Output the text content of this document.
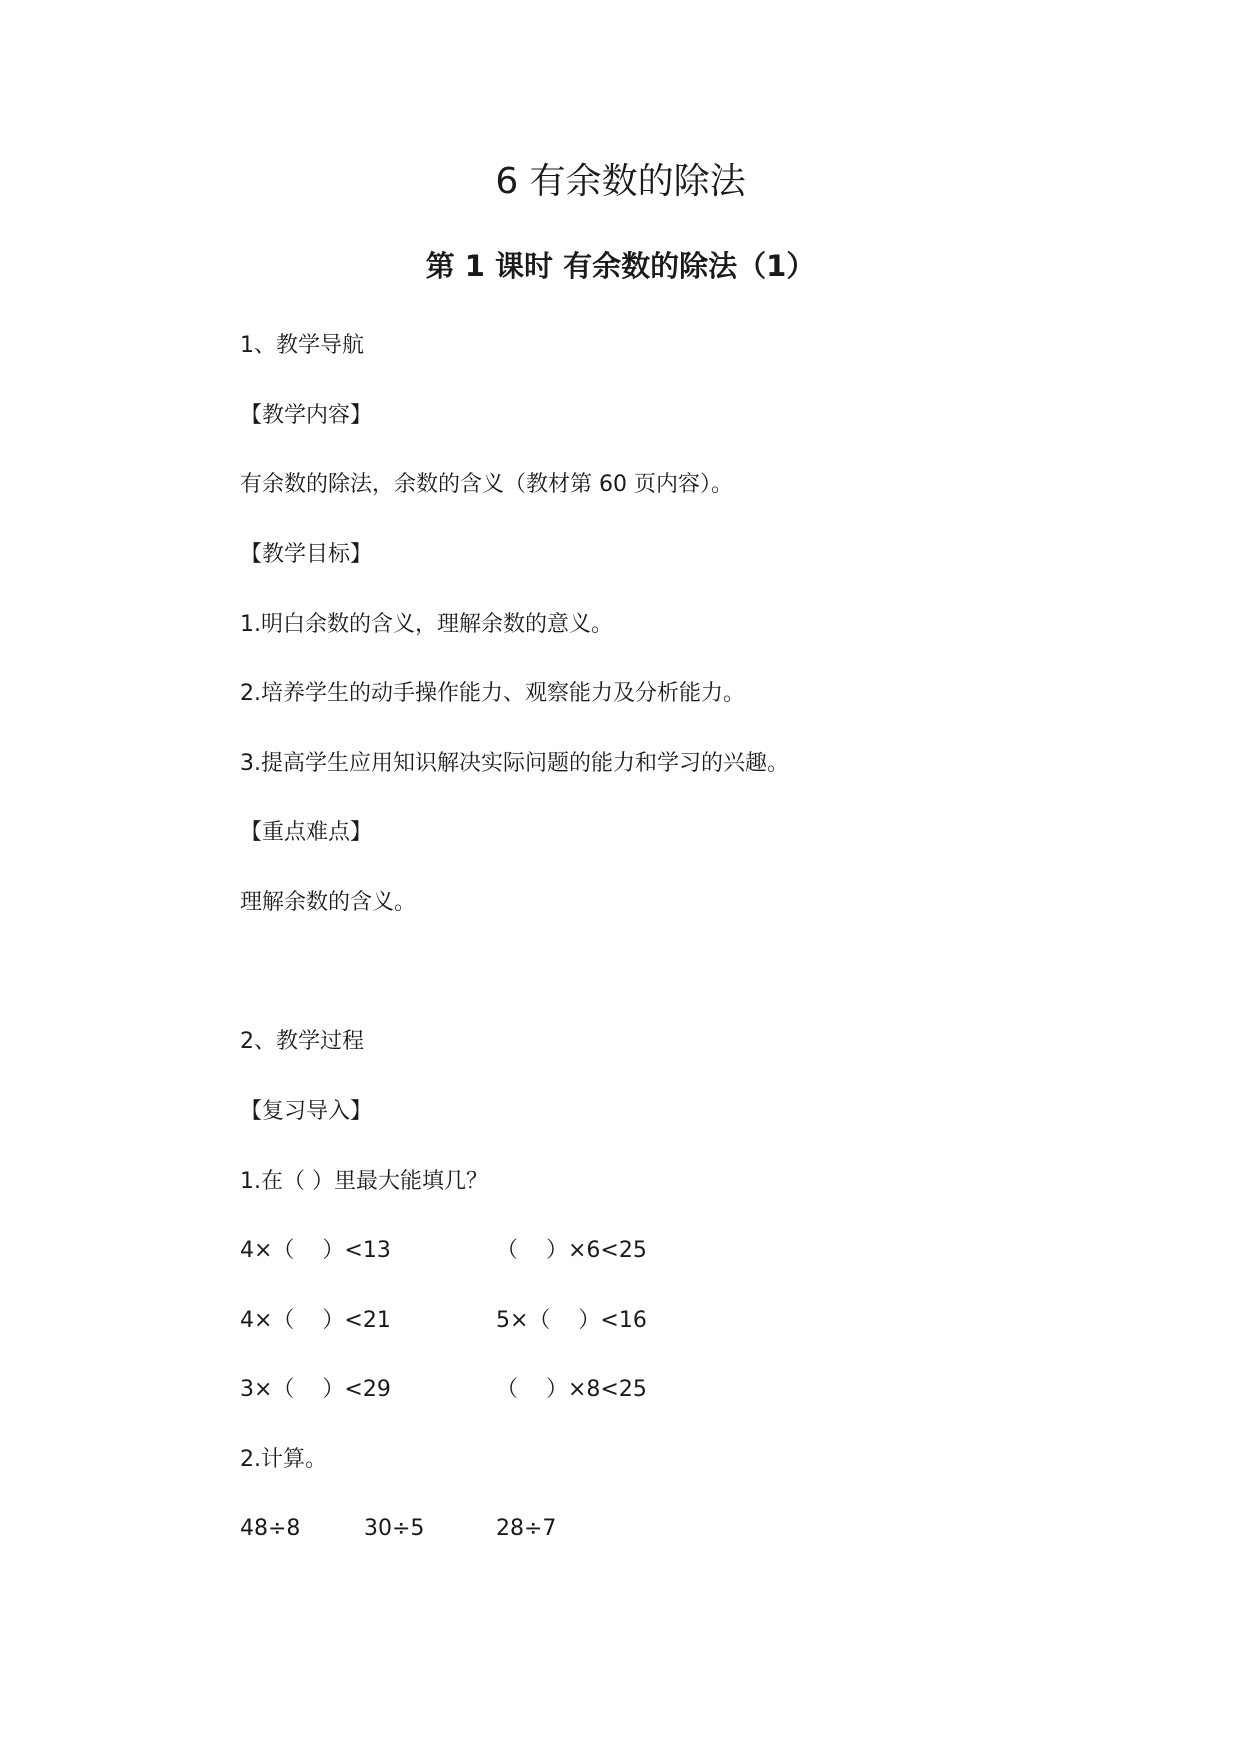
6 有余数的除法
第 1 课时 有余数的除法（1）
1、教学导航
【教学内容】
有余数的除法，余数的含义（教材第 60 页内容）。
【教学目标】
1.明白余数的含义，理解余数的意义。
2.培养学生的动手操作能力、观察能力及分析能力。
3.提高学生应用知识解决实际问题的能力和学习的兴趣。
【重点难点】
理解余数的含义。
2、教学过程
【复习导入】
1.在（ ）里最大能填几？
4×（    ）<13	（    ）×6<25
4×（    ）<21	5×（    ）<16
3×（    ）<29	（    ）×8<25
2.计算。
48÷8	30÷5	28÷7
